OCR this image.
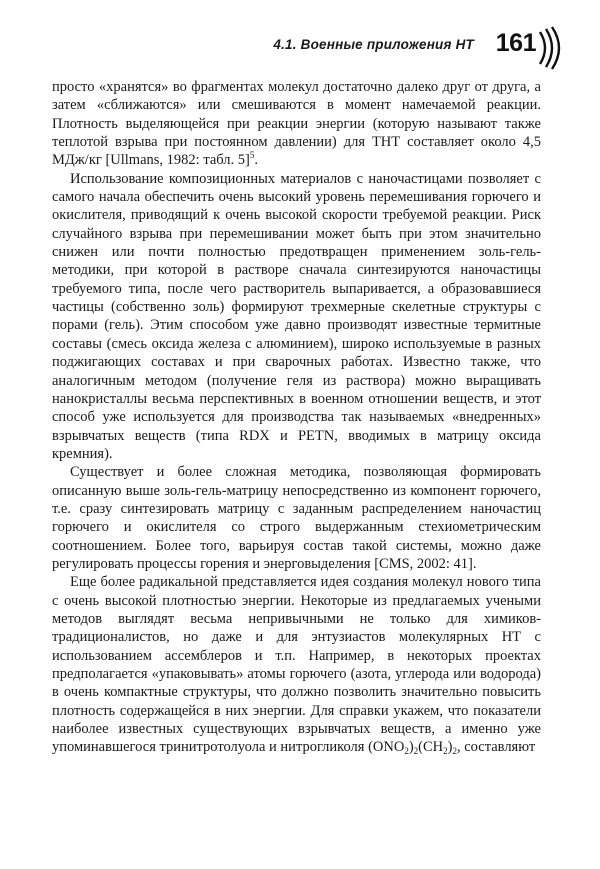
4.1. Военные приложения НТ 161

просто «хранятся» во фрагментах молекул достаточно далеко друг от друга, а затем «сближаются» или смешиваются в момент намечаемой реакции. Плотность выделяющейся при реакции энергии (которую называют также теплотой взрыва при постоянном давлении) для ТНТ составляет около 4,5 МДж/кг [Ullmans, 1982: табл. 5]$^5$.

Использование композиционных материалов с наночастицами позволяет с самого начала обеспечить очень высокий уровень перемешивания горючего и окислителя, приводящий к очень высокой скорости требуемой реакции. Риск случайного взрыва при перемешивании может быть при этом значительно снижен или почти полностью предотвращен применением золь-гель-методики, при которой в растворе сначала синтезируются наночастицы требуемого типа, после чего растворитель выпаривается, а образовавшиеся частицы (собственно золь) формируют трехмерные скелетные структуры с порами (гель). Этим способом уже давно производят известные термитные составы (смесь оксида железа с алюминием), широко используемые в разных поджигающих составах и при сварочных работах. Известно также, что аналогичным методом (получение геля из раствора) можно выращивать нанокристаллы весьма перспективных в военном отношении веществ, и этот способ уже используется для производства так называемых «внедренных» взрывчатых веществ (типа RDX и PETN, вводимых в матрицу оксида кремния).

Существует и более сложная методика, позволяющая формировать описанную выше золь-гель-матрицу непосредственно из компонент горючего, т.е. сразу синтезировать матрицу с заданным распределением наночастиц горючего и окислителя со строго выдержанным стехиометрическим соотношением. Более того, варьируя состав такой системы, можно даже регулировать процессы горения и энерговыделения [CMS, 2002: 41].

Еще более радикальной представляется идея создания молекул нового типа с очень высокой плотностью энергии. Некоторые из предлагаемых учеными методов выглядят весьма непривычными не только для химиков-традиционалистов, но даже и для энтузиастов молекулярных НТ с использованием ассемблеров и т.п. Например, в некоторых проектах предполагается «упаковывать» атомы горючего (азота, углерода или водорода) в очень компактные структуры, что должно позволить значительно повысить плотность содержащейся в них энергии. Для справки укажем, что показатели наиболее известных существующих взрывчатых веществ, а именно уже упоминавшегося тринитротолуола и нитрогликоля $(ONO_2)_2(CH_2)_2$, составляют
